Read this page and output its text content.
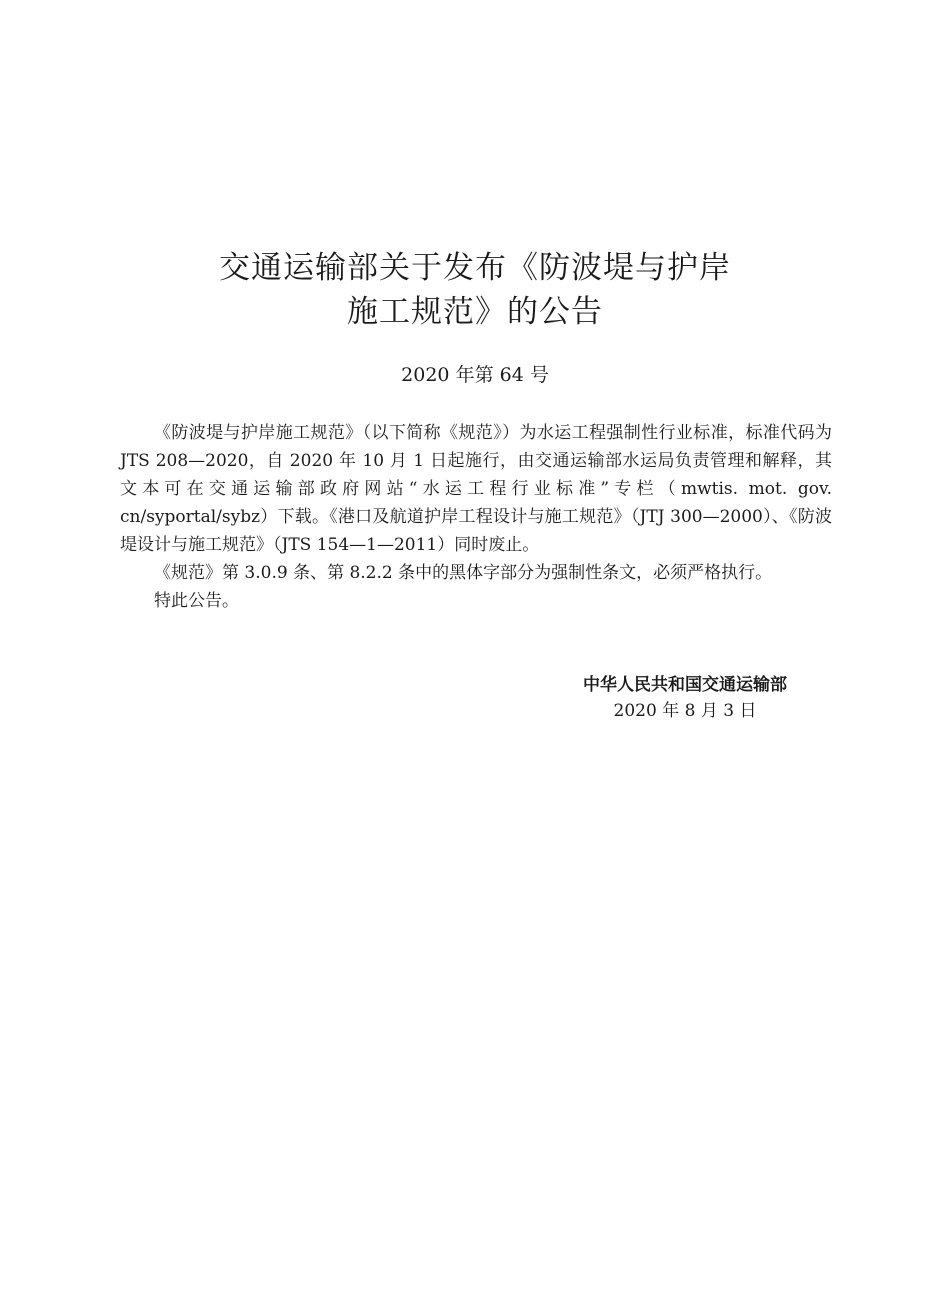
交通运输部关于发布《防波堤与护岸
施工规范》的公告
2020 年第 64 号

《防波堤与护岸施工规范》（以下简称《规范》）为水运工程强制性行业标准，标准代码为 JTS 208—2020，自 2020 年 10 月 1 日起施行，由交通运输部水运局负责管理和解释，其文本可在交通运输部政府网站“水运工程行业标准”专栏（mwtis. mot. gov. cn/syportal/sybz）下载。《港口及航道护岸工程设计与施工规范》（JTJ 300—2000）、《防波堤设计与施工规范》（JTS 154—1—2011）同时废止。

《规范》第 3.0.9 条、第 8.2.2 条中的黑体字部分为强制性条文，必须严格执行。

特此公告。

中华人民共和国交通运输部
2020 年 8 月 3 日
